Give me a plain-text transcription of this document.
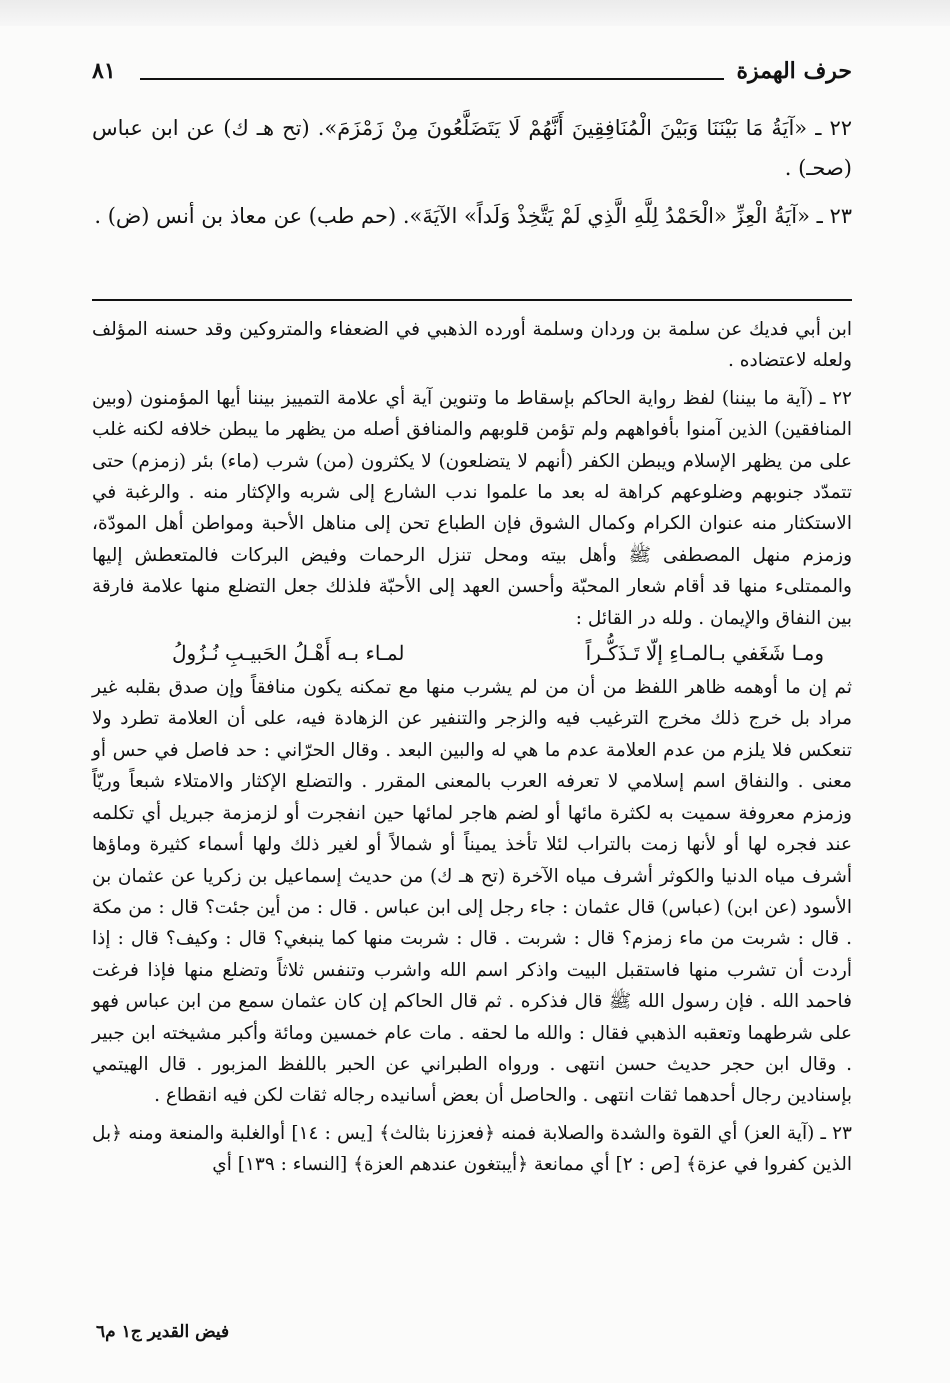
حرف الهمزة
٨١
٢٢ ـ «آيَةُ مَا بَيْنَنَا وَبَيْنَ الْمُنَافِقِينَ أَنَّهُمْ لَا يَتَضَلَّعُونَ مِنْ زَمْزَمَ». (تح هـ ك) عن ابن عباس (صحـ) .
٢٣ ـ «آيَةُ الْعِزِّ «الْحَمْدُ لِلَّهِ الَّذِي لَمْ يَتَّخِذْ وَلَداً» الآيَةَ». (حم طب) عن معاذ بن أنس (ض) .

ابن أبي فديك عن سلمة بن وردان وسلمة أورده الذهبي في الضعفاء والمتروكين وقد حسنه المؤلف ولعله لاعتضاده .

٢٢ ـ (آية ما بيننا) لفظ رواية الحاكم بإسقاط ما وتنوين آية أي علامة التمييز بيننا أيها المؤمنون (وبين المنافقين) الذين آمنوا بأفواههم ولم تؤمن قلوبهم والمنافق أصله من يظهر ما يبطن خلافه لكنه غلب على من يظهر الإسلام ويبطن الكفر (أنهم لا يتضلعون) لا يكثرون (من) شرب (ماء) بئر (زمزم) حتى تتمدّد جنوبهم وضلوعهم كراهة له بعد ما علموا ندب الشارع إلى شربه والإكثار منه . والرغبة في الاستكثار منه عنوان الكرام وكمال الشوق فإن الطباع تحن إلى مناهل الأحبة ومواطن أهل المودّة، وزمزم منهل المصطفى ﷺ وأهل بيته ومحل تنزل الرحمات وفيض البركات فالمتعطش إليها والممتلىء منها قد أقام شعار المحبّة وأحسن العهد إلى الأحبّة فلذلك جعل التضلع منها علامة فارقة بين النفاق والإيمان . ولله در القائل :

ومـا شَغَفي بـالمـاءِ إلّا تَـذَكُّـراً
لمـاء بـه أَهْـلُ الحَبيـبِ نُـزُولُ

ثم إن ما أوهمه ظاهر اللفظ من أن من لم يشرب منها مع تمكنه يكون منافقاً وإن صدق بقلبه غير مراد بل خرج ذلك مخرج الترغيب فيه والزجر والتنفير عن الزهادة فيه، على أن العلامة تطرد ولا تنعكس فلا يلزم من عدم العلامة عدم ما هي له والبين البعد . وقال الحرّاني : حد فاصل في حس أو معنى . والنفاق اسم إسلامي لا تعرفه العرب بالمعنى المقرر . والتضلع الإكثار والامتلاء شبعاً وريّاً وزمزم معروفة سميت به لكثرة مائها أو لضم هاجر لمائها حين انفجرت أو لزمزمة جبريل أي تكلمه عند فجره لها أو لأنها زمت بالتراب لئلا تأخذ يميناً أو شمالاً أو لغير ذلك ولها أسماء كثيرة وماؤها أشرف مياه الدنيا والكوثر أشرف مياه الآخرة (تح هـ ك) من حديث إسماعيل بن زكريا عن عثمان بن الأسود (عن ابن) (عباس) قال عثمان : جاء رجل إلى ابن عباس . قال : من أين جئت؟ قال : من مكة . قال : شربت من ماء زمزم؟ قال : شربت . قال : شربت منها كما ينبغي؟ قال : وكيف؟ قال : إذا أردت أن تشرب منها فاستقبل البيت واذكر اسم الله واشرب وتنفس ثلاثاً وتضلع منها فإذا فرغت فاحمد الله . فإن رسول الله ﷺ قال فذكره . ثم قال الحاكم إن كان عثمان سمع من ابن عباس فهو على شرطهما وتعقبه الذهبي فقال : والله ما لحقه . مات عام خمسين ومائة وأكبر مشيخته ابن جبير . وقال ابن حجر حديث حسن انتهى . ورواه الطبراني عن الحبر باللفظ المزبور . قال الهيتمي بإسنادين رجال أحدهما ثقات انتهى . والحاصل أن بعض أسانيده رجاله ثقات لكن فيه انقطاع .

٢٣ ـ (آية العز) أي القوة والشدة والصلابة فمنه ﴿فعززنا بثالث﴾ [يس : ١٤] أوالغلبة والمنعة ومنه ﴿بل الذين كفروا في عزة﴾ [ص : ٢] أي ممانعة ﴿أيبتغون عندهم العزة﴾ [النساء : ١٣٩] أي

فيض القدير ج١ م٦
